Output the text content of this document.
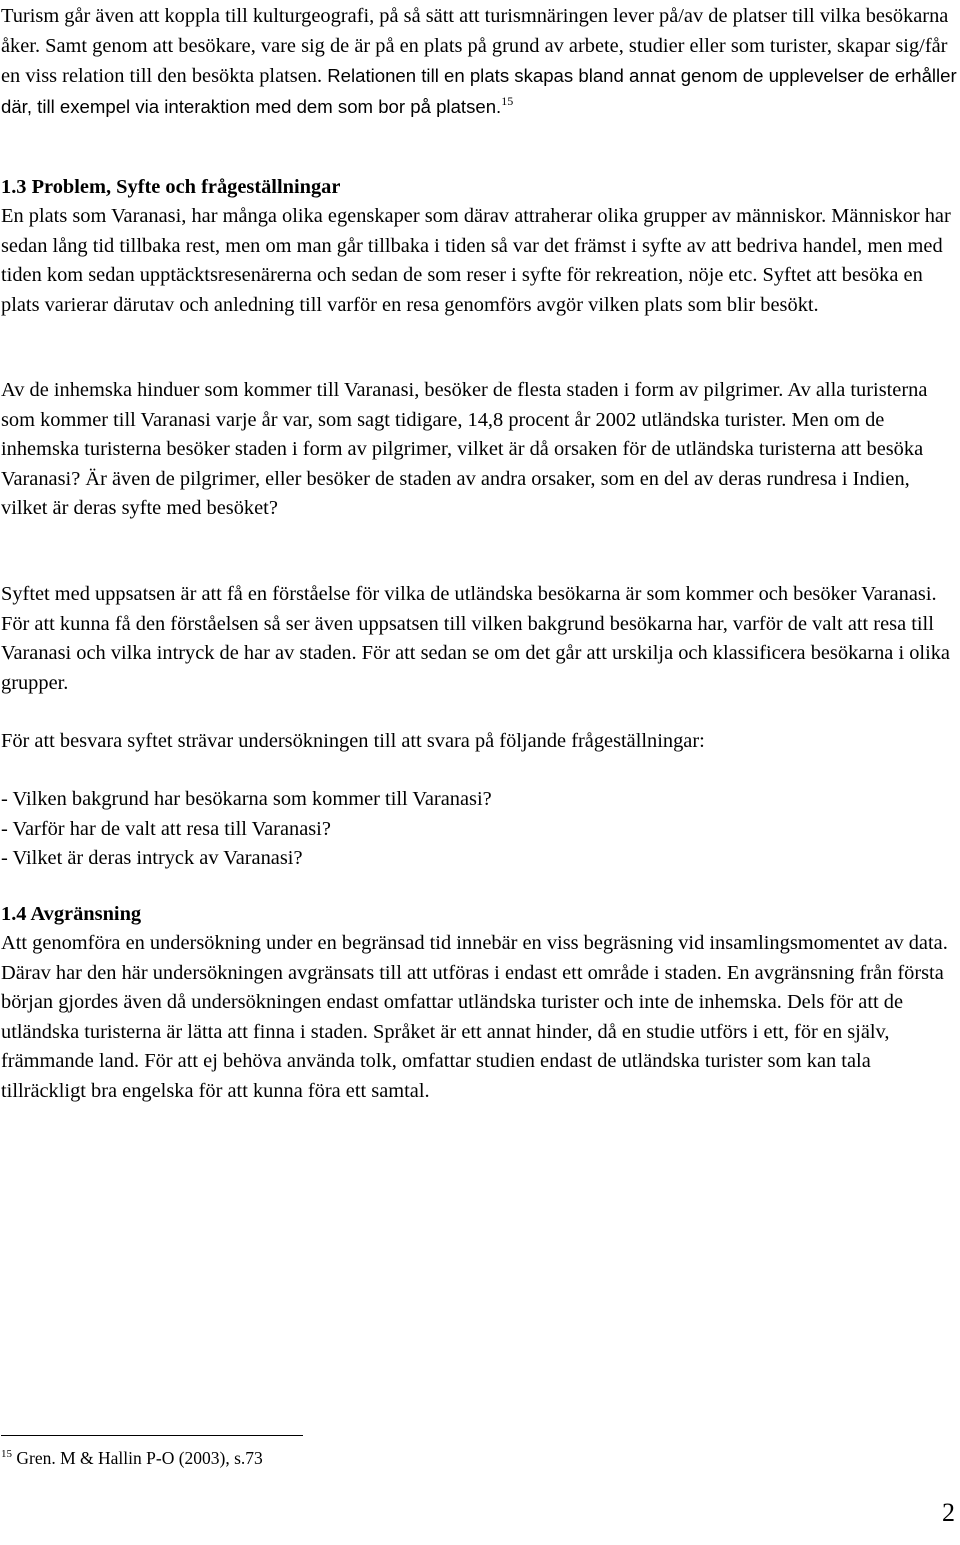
Turism går även att koppla till kulturgeografi, på så sätt att turismnäringen lever på/av de platser till vilka besökarna åker. Samt genom att besökare, vare sig de är på en plats på grund av arbete, studier eller som turister, skapar sig/får en viss relation till den besökta platsen. Relationen till en plats skapas bland annat genom de upplevelser de erhåller där, till exempel via interaktion med dem som bor på platsen.$^{15}$

1.3 Problem, Syfte och frågeställningar

En plats som Varanasi, har många olika egenskaper som därav attraherar olika grupper av människor. Människor har sedan lång tid tillbaka rest, men om man går tillbaka i tiden så var det främst i syfte av att bedriva handel, men med tiden kom sedan upptäcktsresenärerna och sedan de som reser i syfte för rekreation, nöje etc. Syftet att besöka en plats varierar därutav och anledning till varför en resa genomförs avgör vilken plats som blir besökt.

Av de inhemska hinduer som kommer till Varanasi, besöker de flesta staden i form av pilgrimer. Av alla turisterna som kommer till Varanasi varje år var, som sagt tidigare, 14,8 procent år 2002 utländska turister. Men om de inhemska turisterna besöker staden i form av pilgrimer, vilket är då orsaken för de utländska turisterna att besöka Varanasi? Är även de pilgrimer, eller besöker de staden av andra orsaker, som en del av deras rundresa i Indien, vilket är deras syfte med besöket?

Syftet med uppsatsen är att få en förståelse för vilka de utländska besökarna är som kommer och besöker Varanasi. För att kunna få den förståelsen så ser även uppsatsen till vilken bakgrund besökarna har, varför de valt att resa till Varanasi och vilka intryck de har av staden. För att sedan se om det går att urskilja och klassificera besökarna i olika grupper.

För att besvara syftet strävar undersökningen till att svara på följande frågeställningar:

- Vilken bakgrund har besökarna som kommer till Varanasi?
- Varför har de valt att resa till Varanasi?
- Vilket är deras intryck av Varanasi?

1.4 Avgränsning

Att genomföra en undersökning under en begränsad tid innebär en viss begräsning vid insamlingsmomentet av data. Därav har den här undersökningen avgränsats till att utföras i endast ett område i staden. En avgränsning från första början gjordes även då undersökningen endast omfattar utländska turister och inte de inhemska. Dels för att de utländska turisterna är lätta att finna i staden. Språket är ett annat hinder, då en studie utförs i ett, för en själv, främmande land. För att ej behöva använda tolk, omfattar studien endast de utländska turister som kan tala tillräckligt bra engelska för att kunna föra ett samtal.

$^{15}$ Gren. M & Hallin P-O (2003), s.73
2
